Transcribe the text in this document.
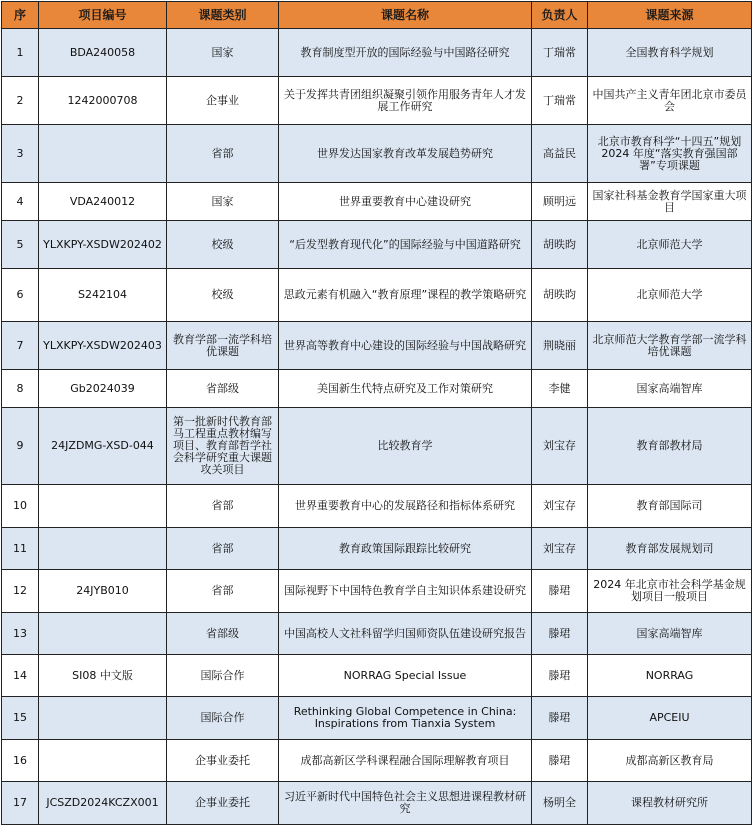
序	项目编号	课题类别	课题名称	负责人	课题来源
1	BDA240058	国家	教育制度型开放的国际经验与中国路径研究	丁瑞常	全国教育科学规划
2	1242000708	企事业	关于发挥共青团组织凝聚引领作用服务青年人才发展工作研究	丁瑞常	中国共产主义青年团北京市委员会
3		省部	世界发达国家教育改革发展趋势研究	高益民	北京市教育科学“十四五”规划 2024 年度“落实教育强国部署”专项课题
4	VDA240012	国家	世界重要教育中心建设研究	顾明远	国家社科基金教育学国家重大项目
5	YLXKPY-XSDW202402	校级	“后发型教育现代化”的国际经验与中国道路研究	胡昳昀	北京师范大学
6	S242104	校级	思政元素有机融入“教育原理”课程的教学策略研究	胡昳昀	北京师范大学
7	YLXKPY-XSDW202403	教育学部一流学科培优课题	世界高等教育中心建设的国际经验与中国战略研究	荆晓丽	北京师范大学教育学部一流学科培优课题
8	Gb2024039	省部级	美国新生代特点研究及工作对策研究	李健	国家高端智库
9	24JZDMG-XSD-044	第一批新时代教育部马工程重点教材编写项目、教育部哲学社会科学研究重大课题攻关项目	比较教育学	刘宝存	教育部教材局
10		省部	世界重要教育中心的发展路径和指标体系研究	刘宝存	教育部国际司
11		省部	教育政策国际跟踪比较研究	刘宝存	教育部发展规划司
12	24JYB010	省部	国际视野下中国特色教育学自主知识体系建设研究	滕珺	2024 年北京市社会科学基金规划项目一般项目
13		省部级	中国高校人文社科留学归国师资队伍建设研究报告	滕珺	国家高端智库
14	SI08 中文版	国际合作	NORRAG Special Issue	滕珺	NORRAG
15		国际合作	Rethinking Global Competence in China: Inspirations from Tianxia System	滕珺	APCEIU
16		企事业委托	成都高新区学科课程融合国际理解教育项目	滕珺	成都高新区教育局
17	JCSZD2024KCZX001	企事业委托	习近平新时代中国特色社会主义思想进课程教材研究	杨明全	课程教材研究所
